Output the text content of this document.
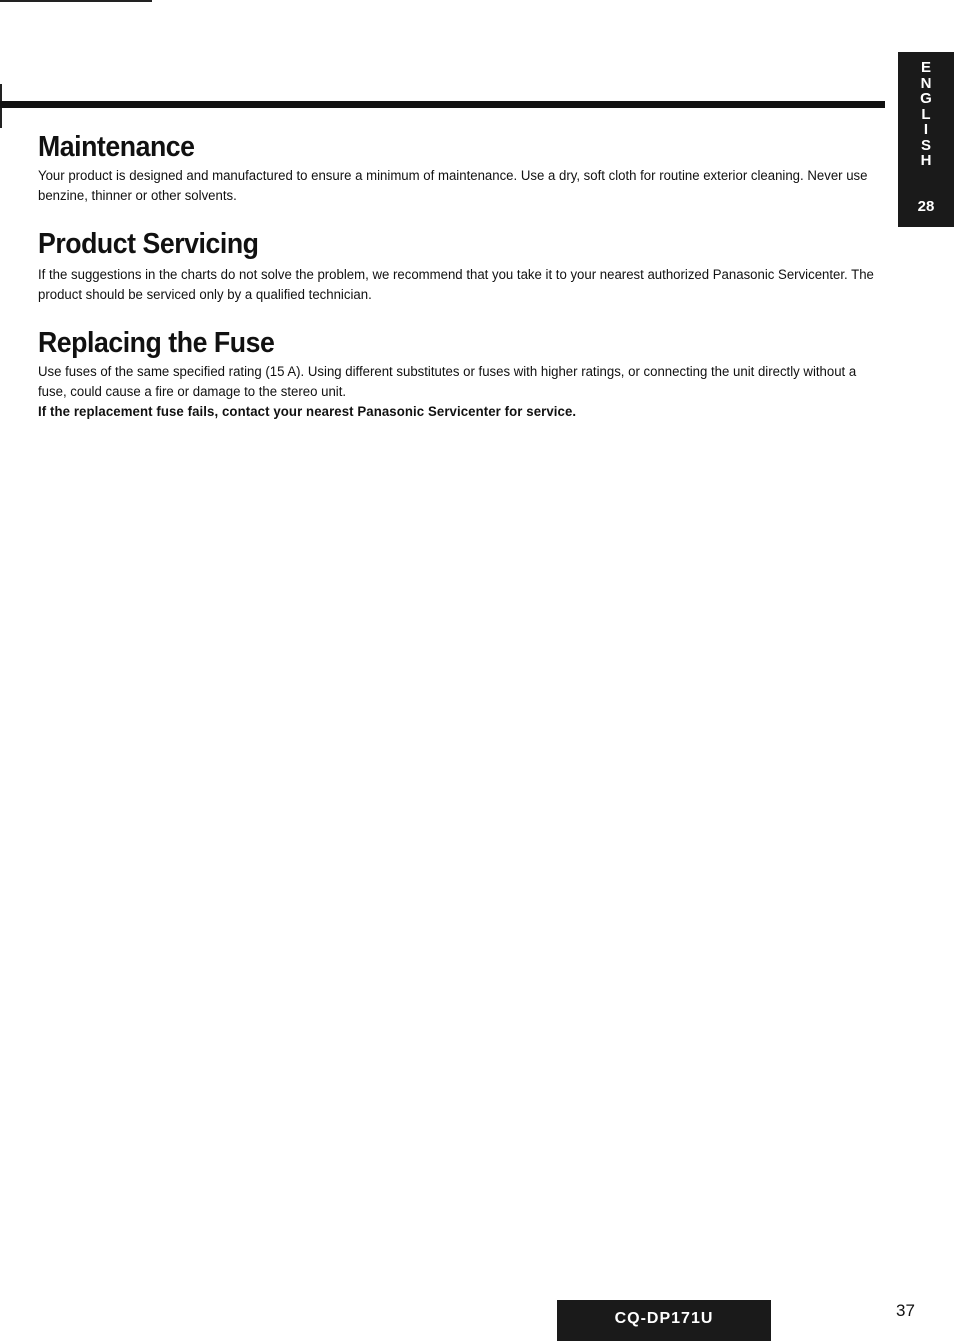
E
N
G
L
I
S
H
28
Maintenance

Your product is designed and manufactured to ensure a minimum of maintenance. Use a dry, soft cloth for routine exterior cleaning. Never use benzine, thinner or other solvents.

Product Servicing

If the suggestions in the charts do not solve the problem, we recommend that you take it to your nearest authorized Panasonic Servicenter. The product should be serviced only by a qualified technician.

Replacing the Fuse

Use fuses of the same specified rating (15 A). Using different substitutes or fuses with higher ratings, or connecting the unit directly without a fuse, could cause a fire or damage to the stereo unit.

If the replacement fuse fails, contact your nearest Panasonic Servicenter for service.

CQ-DP171U	37
